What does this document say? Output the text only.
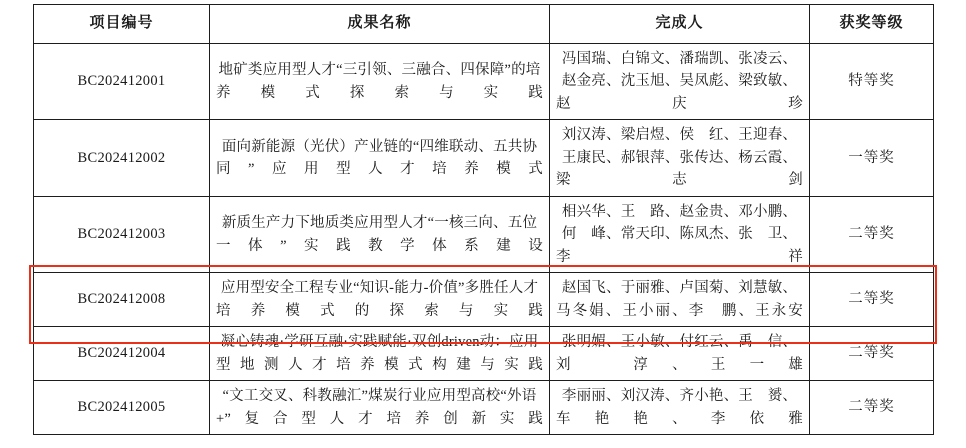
项目编号	成果名称	完成人	获奖等级
BC202412001	地矿类应用型人才“三引领、三融合、四保障”的培养模式探索与实践	冯国瑞、白锦文、潘瑞凯、张凌云、赵金亮、沈玉旭、吴凤彪、梁致敏、赵庆珍	特等奖
BC202412002	面向新能源（光伏）产业链的“四维联动、五共协同”应用型人才培养模式	刘汉涛、梁启煜、侯　红、王迎春、王康民、郝银萍、张传达、杨云霞、梁志剑	一等奖
BC202412003	新质生产力下地质类应用型人才“一核三向、五位一体”实践教学体系建设	相兴华、王　路、赵金贵、邓小鹏、何　峰、常天印、陈凤杰、张　卫、李　祥	二等奖
BC202412008	应用型安全工程专业“知识-能力-价值”多胜任人才培养模式的探索与实践	赵国飞、于丽雅、卢国菊、刘慧敏、马冬娟、王小丽、李　鹏、王永安	二等奖
BC202412004	凝心铸魂·学研互融·实践赋能·双创driven动：应用型地测人才培养模式构建与实践	张明媚、王小敏、付红云、禹　信、刘　淳、王一雄	二等奖
BC202412005	“文工交叉、科教融汇”煤炭行业应用型高校“外语+”复合型人才培养创新实践	李丽丽、刘汉涛、齐小艳、王　赟、车艳艳、李依雅	二等奖
